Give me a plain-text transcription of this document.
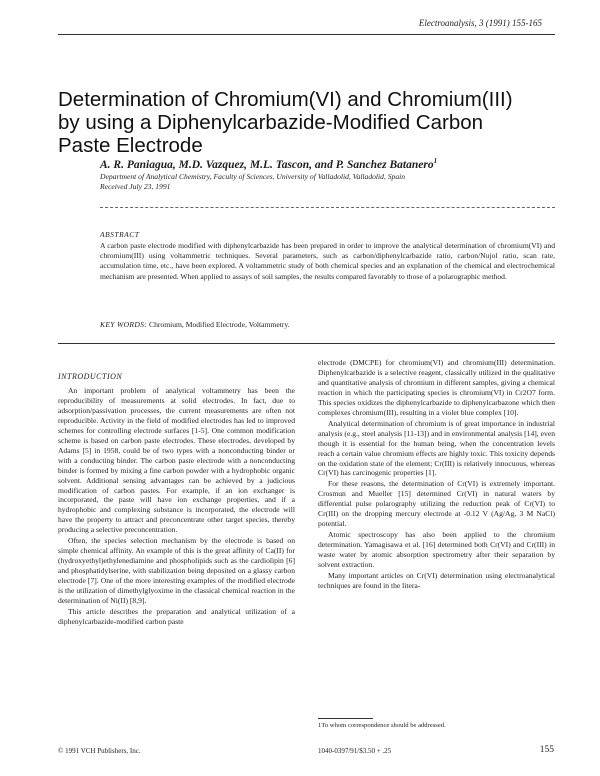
Electroanalysis, 3 (1991) 155-165
Determination of Chromium(VI) and Chromium(III)
by using a Diphenylcarbazide-Modified Carbon
Paste Electrode
A. R. Paniagua, M.D. Vazquez, M.L. Tascon, and P. Sanchez Batanero$^1$
Department of Analytical Chemistry, Faculty of Sciences, University of Valladolid, Valladolid, Spain
Received July 23, 1991
ABSTRACT
A carbon paste electrode modified with diphenylcarbazide has been prepared in order to improve the analytical determination of chromium(VI) and chromium(III) using voltammetric techniques. Several parameters, such as carbon/diphenylcarbazide ratio, carbon/Nujol ratio, scan rate, accumulation time, etc., have been explored. A voltammetric study of both chemical species and an explanation of the chemical and electrochemical mechanism are presented. When applied to assays of soil samples, the results compared favorably to those of a polarographic method.
KEY WORDS: Chromium, Modified Electrode, Voltammetry.
INTRODUCTION

An important problem of analytical voltammetry has been the reproducibility of measurements at solid electrodes. In fact, due to adsorption/passivation processes, the current measurements are often not reproducible. Activity in the field of modified electrodes has led to improved schemes for controlling electrode surfaces [1-5]. One common modification scheme is based on carbon paste electrodes. These electrodes, developed by Adams [5] in 1958, could be of two types with a nonconducting binder or with a conducting binder. The carbon paste electrode with a nonconducting binder is formed by mixing a fine carbon powder with a hydrophobic organic solvent. Additional sensing advantages can be achieved by a judicious modification of carbon pastes. For example, if an ion exchanger is incorporated, the paste will have ion exchange properties, and if a hydrophobic and complexing substance is incorporated, the electrode will have the property to attract and preconcentrate other target species, thereby producing a selective preconcentration.

Often, the species selection mechanism by the electrode is based on simple chemical affinity. An example of this is the great affinity of Ca(II) for (hydroxyethyl)ethylenediamine and phospholipids such as the cardiolipin [6] and phosphatidylserine, with stabilization being deposited on a glassy carbon electrode [7]. One of the more interesting examples of the modified electrode is the utilization of dimethylglyoxime in the classical chemical reaction in the determination of Ni(II) [8,9].

This article describes the preparation and analytical utilization of a diphenylcarbazide-modified carbon paste

electrode (DMCPE) for chromium(VI) and chromium(III) determination. Diphenylcarbazide is a selective reagent, classically utilized in the qualitative and quantitative analysis of chromium in different samples, giving a chemical reaction in which the participating species is chromium(VI) in Cr2O7 form. This species oxidizes the diphenylcarbazide to diphenylcarbazone which then complexes chromium(III), resulting in a violet blue complex [10].

Analytical determination of chromium is of great importance in industrial analysis (e.g., steel analysis [11-13]) and in environmental analysis [14], even though it is essential for the human being, when the concentration levels reach a certain value chromium effects are highly toxic. This toxicity depends on the oxidation state of the element; Cr(III) is relatively innocuous, whereas Cr(VI) has carcinogenic properties [1].

For these reasons, the determination of Cr(VI) is extremely important. Crosmun and Mueller [15] determined Cr(VI) in natural waters by differential pulse polarography utilizing the reduction peak of Cr(VI) to Cr(III) on the dropping mercury electrode at -0.12 V (Ag/Ag, 3 M NaCl) potential.

Atomic spectroscopy has also been applied to the chromium determination. Yamagisawa et al. [16] determined both Cr(VI) and Cr(III) in waste water by atomic absorption spectrometry after their separation by solvent extraction.

Many important articles on Cr(VI) determination using electroanalytical techniques are found in the litera-

1To whom correspondence should be addressed.
© 1991 VCH Publishers, Inc.	1040-0397/91/$3.50 + .25	155
